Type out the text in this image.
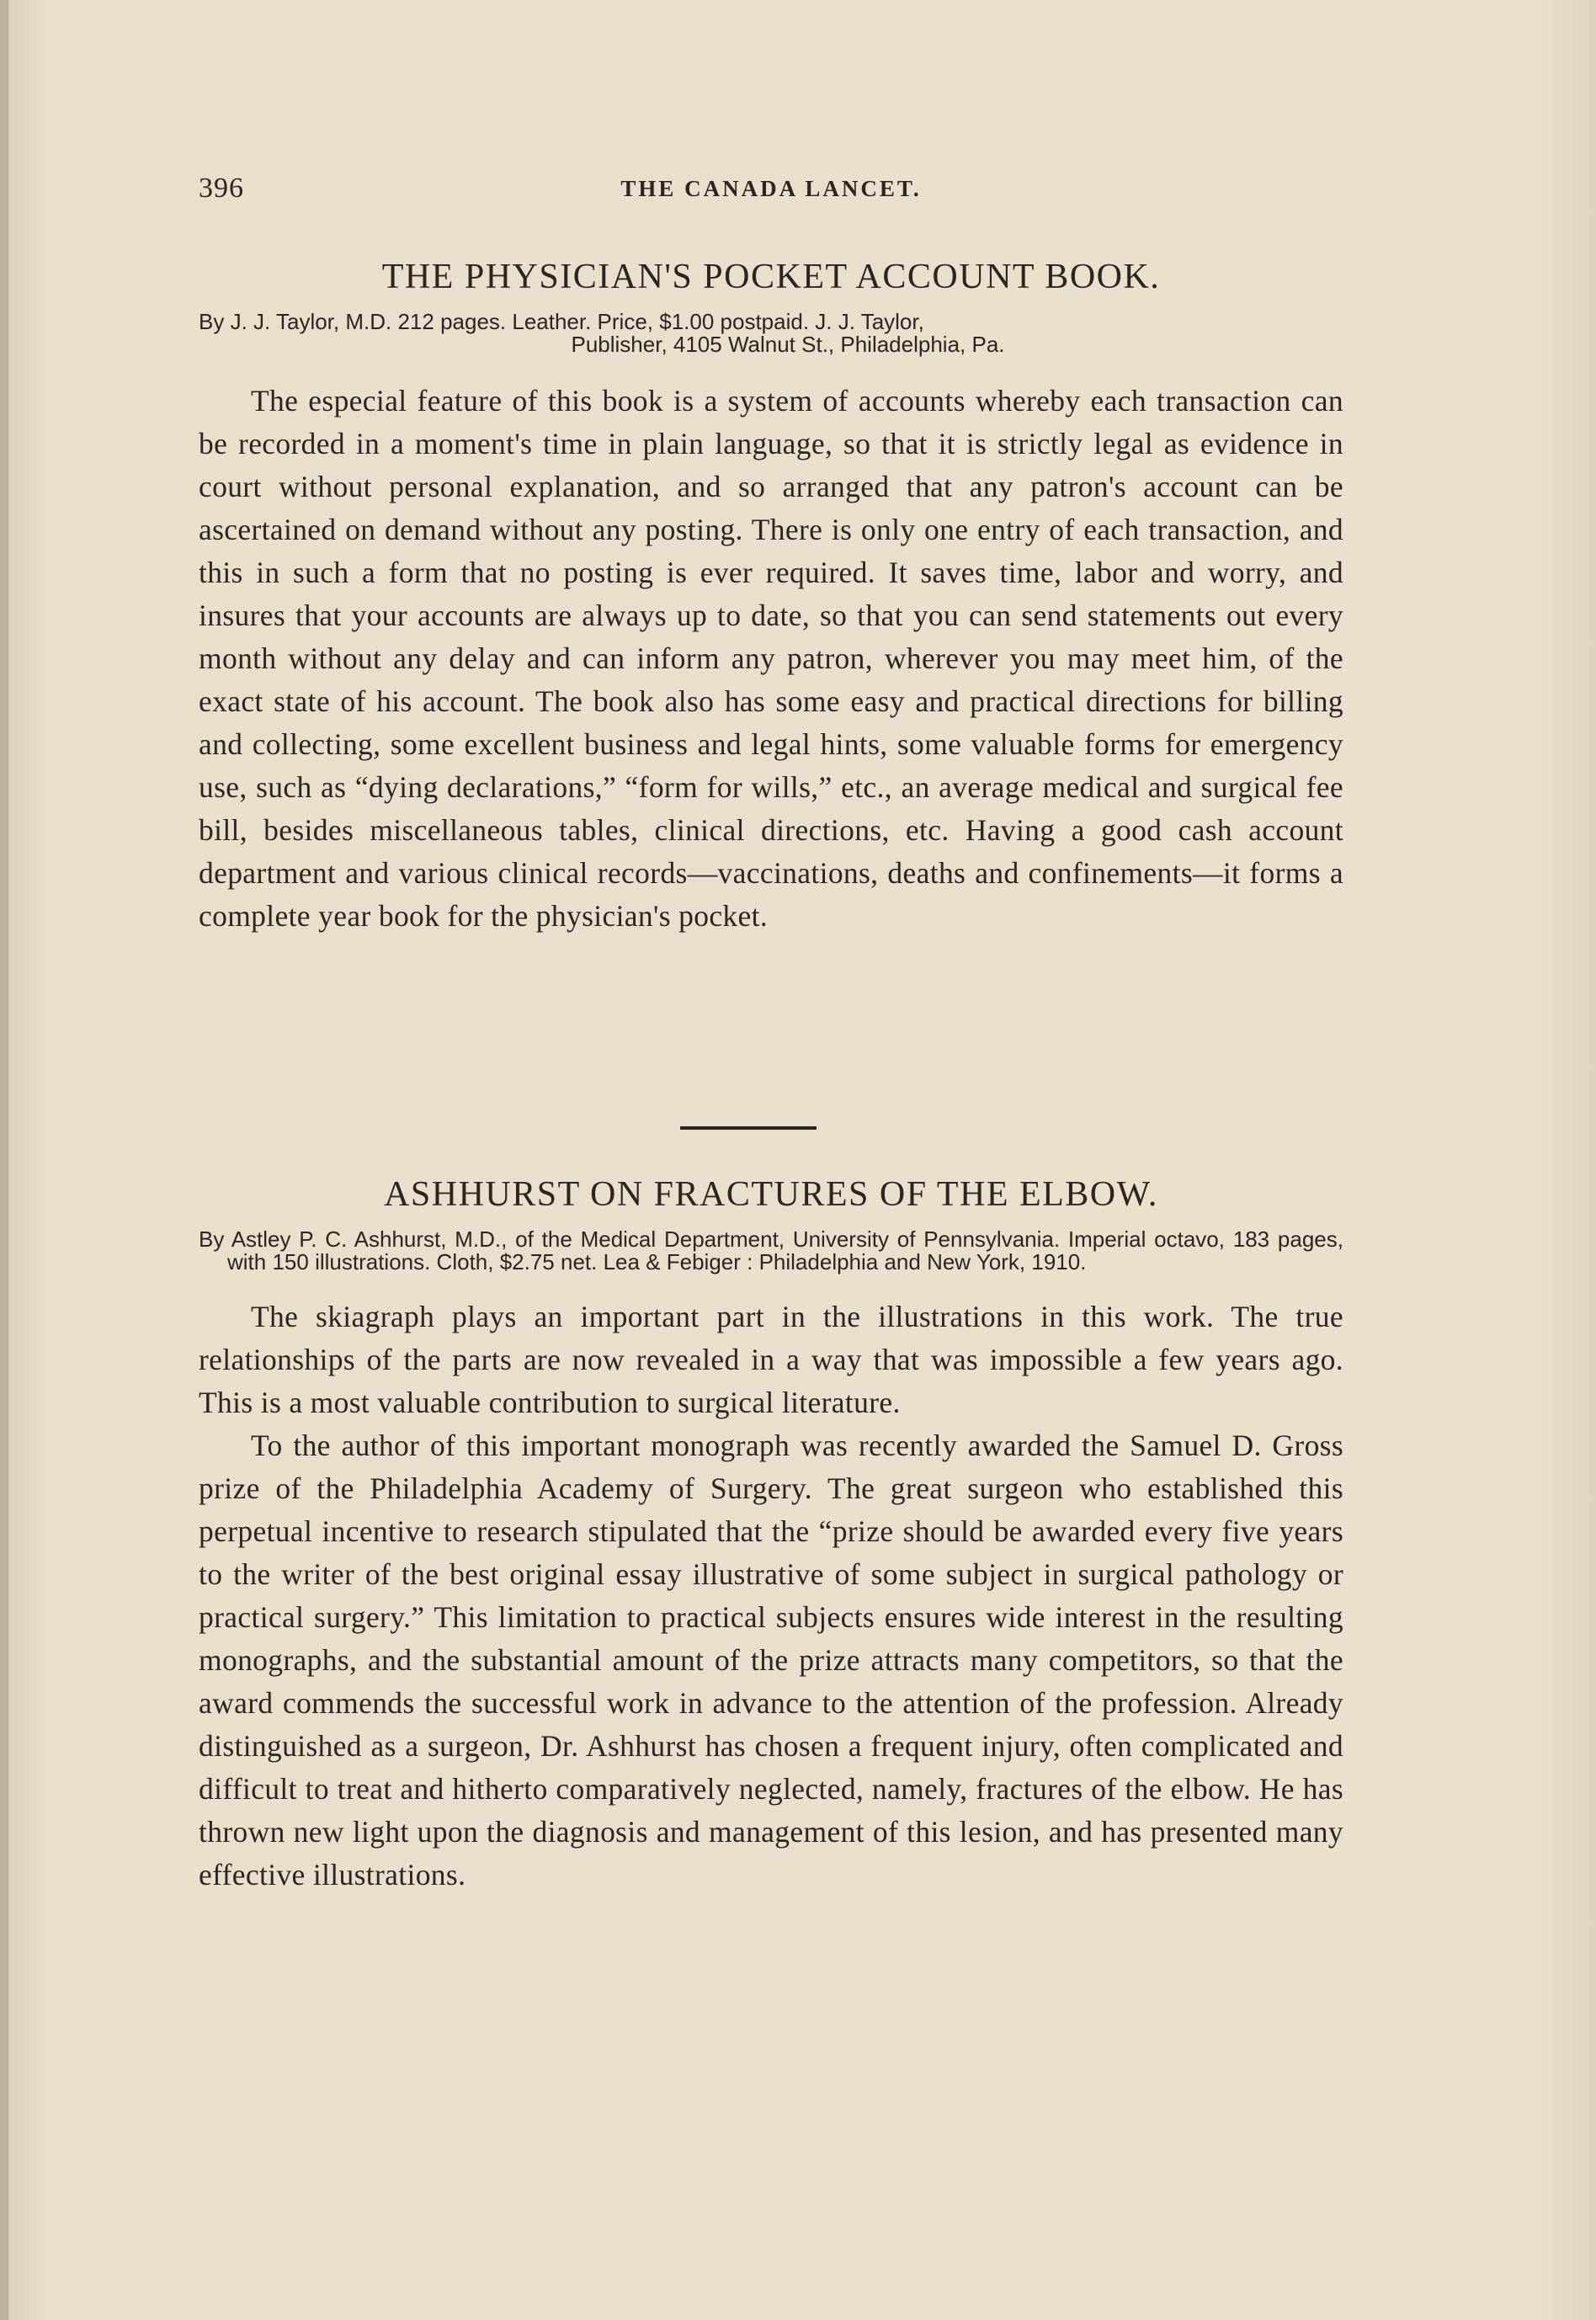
396	THE CANADA LANCET.
THE PHYSICIAN'S POCKET ACCOUNT BOOK.
By J. J. Taylor, M.D. 212 pages. Leather. Price, $1.00 postpaid. J. J. Taylor,
Publisher, 4105 Walnut St., Philadelphia, Pa.

The especial feature of this book is a system of accounts whereby each transaction can be recorded in a moment's time in plain language, so that it is strictly legal as evidence in court without personal explanation, and so arranged that any patron's account can be ascertained on demand without any posting. There is only one entry of each transaction, and this in such a form that no posting is ever required. It saves time, labor and worry, and insures that your accounts are always up to date, so that you can send statements out every month without any delay and can inform any patron, wherever you may meet him, of the exact state of his account. The book also has some easy and practical directions for billing and collecting, some excellent business and legal hints, some valuable forms for emergency use, such as “dying declarations,” “form for wills,” etc., an average medical and surgical fee bill, besides miscellaneous tables, clinical directions, etc. Having a good cash account department and various clinical records—vaccinations, deaths and confinements—it forms a complete year book for the physician's pocket.

ASHHURST ON FRACTURES OF THE ELBOW.
By Astley P. C. Ashhurst, M.D., of the Medical Department, University of Pennsylvania. Imperial octavo, 183 pages, with 150 illustrations. Cloth, $2.75 net. Lea & Febiger : Philadelphia and New York, 1910.

The skiagraph plays an important part in the illustrations in this work. The true relationships of the parts are now revealed in a way that was impossible a few years ago. This is a most valuable contribution to surgical literature.

To the author of this important monograph was recently awarded the Samuel D. Gross prize of the Philadelphia Academy of Surgery. The great surgeon who established this perpetual incentive to research stipulated that the “prize should be awarded every five years to the writer of the best original essay illustrative of some subject in surgical pathology or practical surgery.” This limitation to practical subjects ensures wide interest in the resulting monographs, and the substantial amount of the prize attracts many competitors, so that the award commends the successful work in advance to the attention of the profession. Already distinguished as a surgeon, Dr. Ashhurst has chosen a frequent injury, often complicated and difficult to treat and hitherto comparatively neglected, namely, fractures of the elbow. He has thrown new light upon the diagnosis and management of this lesion, and has presented many effective illustrations.
